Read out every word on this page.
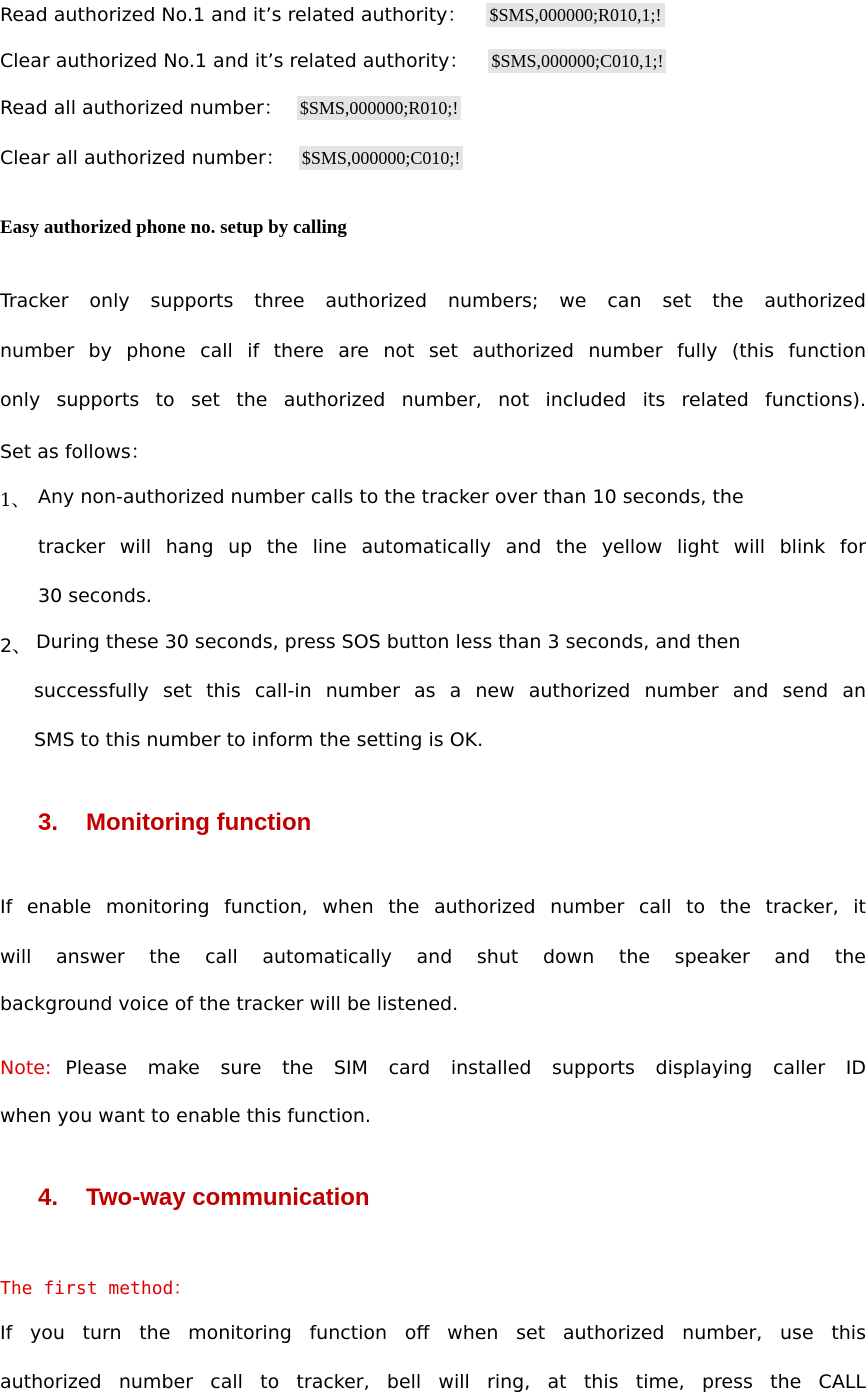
Read authorized No.1 and it’s related authority： $SMS,000000;R010,1;!
Clear authorized No.1 and it’s related authority： $SMS,000000;C010,1;!
Read all authorized number： $SMS,000000;R010;!
Clear all authorized number： $SMS,000000;C010;!
Easy authorized phone no. setup by calling
Tracker only supports three authorized numbers; we can set the authorized
number by phone call if there are not set authorized number fully (this function
only supports to set the authorized number, not included its related functions).
Set as follows：
1、 Any non-authorized number calls to the tracker over than 10 seconds, the
tracker will hang up the line automatically and the yellow light will blink for
30 seconds.
2、 During these 30 seconds, press SOS button less than 3 seconds, and then
successfully set this call-in number as a new authorized number and send an
SMS to this number to inform the setting is OK.
3. Monitoring function
If enable monitoring function, when the authorized number call to the tracker, it
will answer the call automatically and shut down the speaker and the
background voice of the tracker will be listened.
Note: Please make sure the SIM card installed supports displaying caller ID
when you want to enable this function.
4. Two-way communication
The first method：
If you turn the monitoring function off when set authorized number, use this
authorized number call to tracker, bell will ring, at this time, press the CALL
